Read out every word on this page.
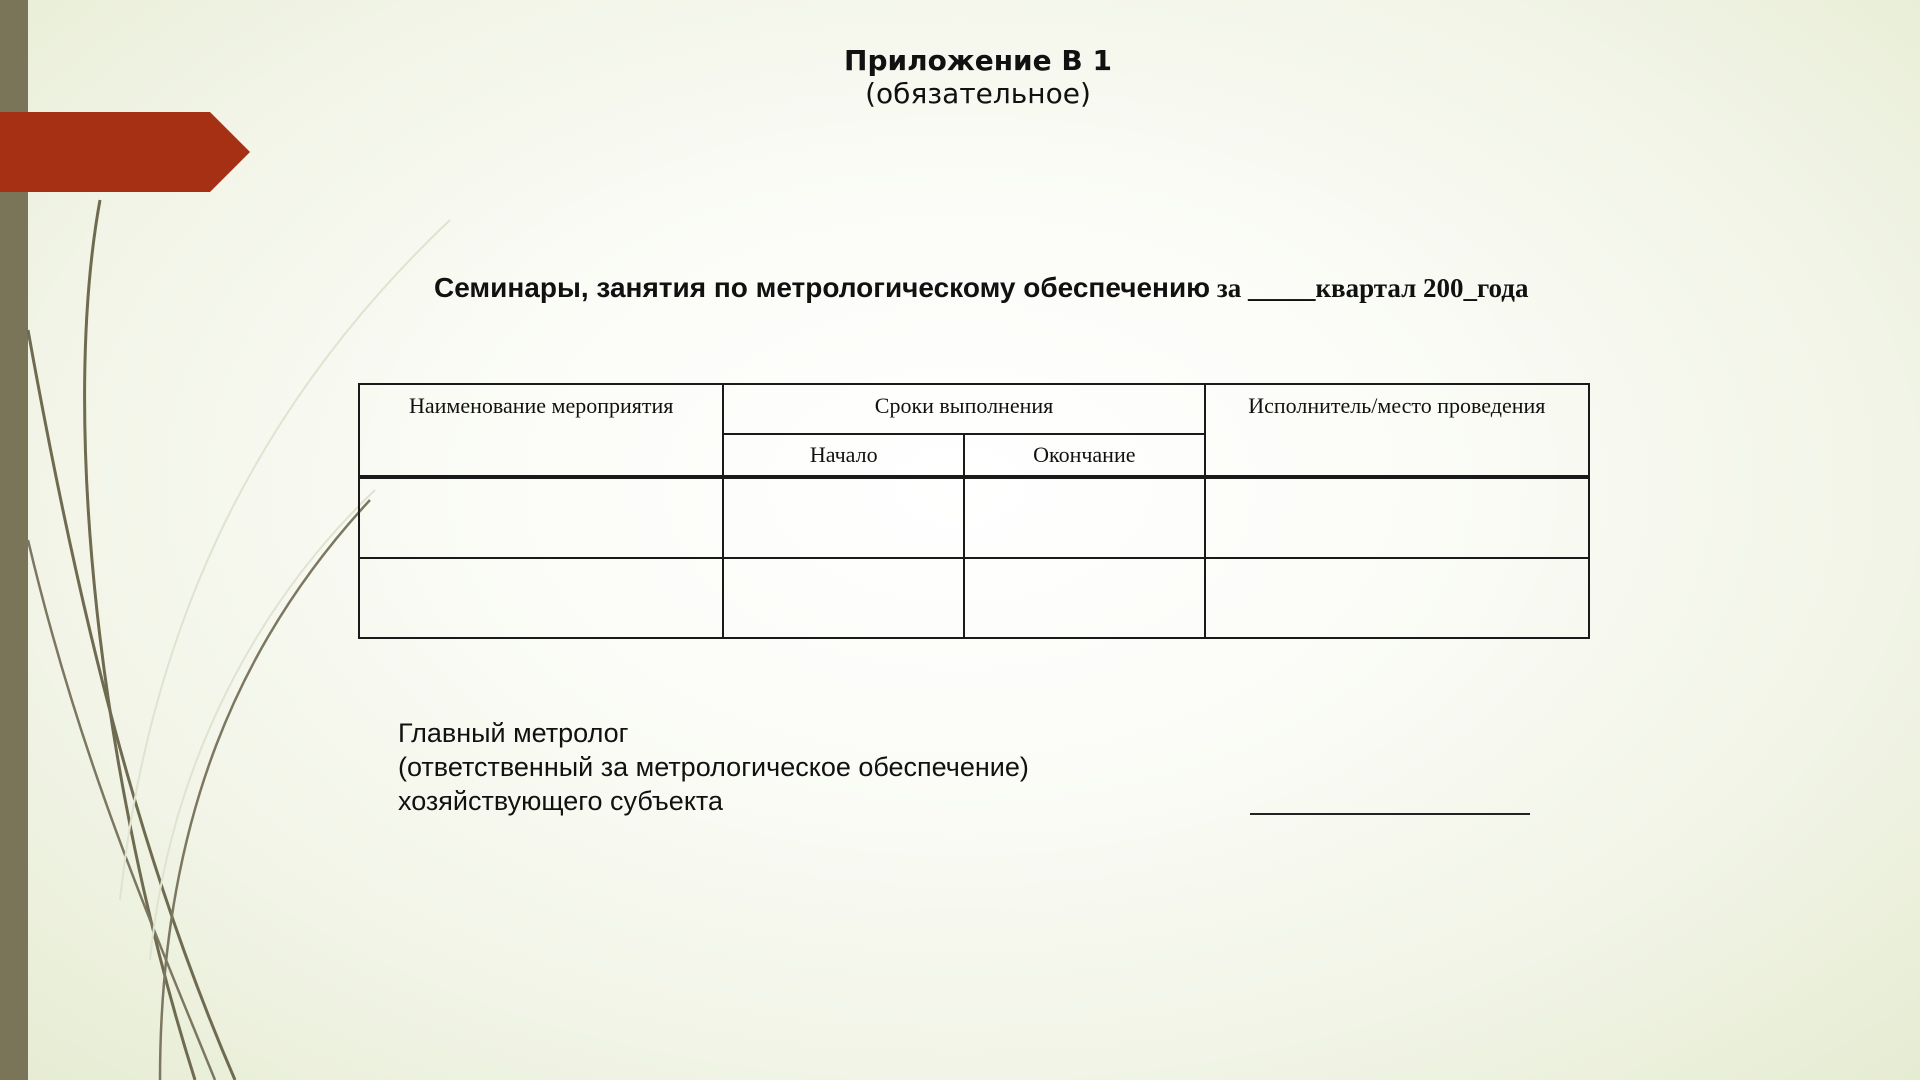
Приложение В 1
(обязательное)
Семинары, занятия по метрологическому обеспечению за _____квартал 200_года
Наименование мероприятия	Сроки выполнения		Исполнитель/место проведения
	Начало	Окончание	

Главный метролог
(ответственный за метрологическое обеспечение)
хозяйствующего субъекта
